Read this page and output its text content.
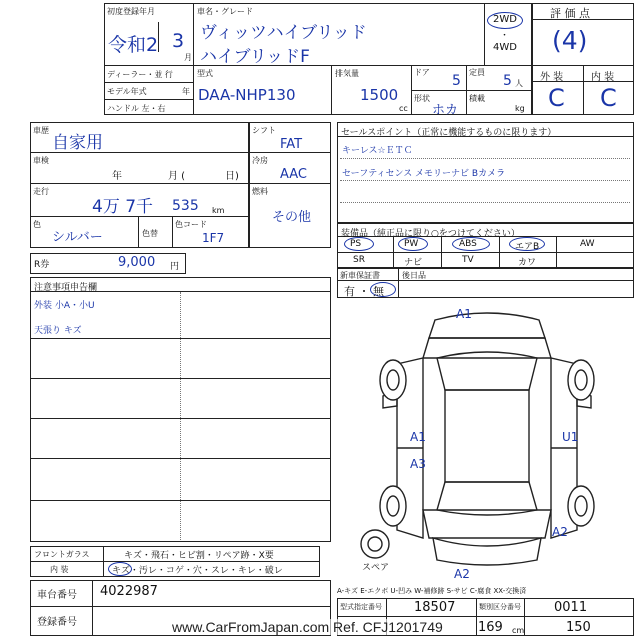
初度登録年月
令和2 3
月
車名・グレード
ヴィッツハイブリッド
ハイブリッドF
2WD
・
4WD
ディーラー・並 行
モデル年式	年
ハンドル 左・右
型式
DAA-NHP130
排気量
1500
cc
ドア
5
定員
5 人
形状
ホカ
積載
kg
評 価 点
(4)
外 装	内 装
C C
車歴
自家用
車検
年	月 (	日)
走行
4万 7千 535 km
色
シルバー	色替
色コード
1F7
シフト
FAT
冷房
AAC
燃料
その他
セールスポイント（正常に機能するものに限ります）
キーレス☆ＥＴＣ
セーフティセンス メモリーナビ Bカメラ
装備品（純正品に限り○をつけてください）
PS	PW	ABS	エアB	AW
SR	ナビ	TV	カワ
新車保証書	後日品
有 ・ 無
R券	9,000 円
注意事項申告欄
外装 小A・小U
天張り キズ
A1
A1	U1
A3
A2
A2
スペア
A-キズ E-エクボ U-凹み W-補修跡 S-サビ C-腐食 XX-交換済
フロントガラス	キズ・飛石・ヒビ割・リペア跡・X要
内 装	キズ・汚レ・コゲ・穴・スレ・キレ・破レ
車台番号 4022987
登録番号
型式指定番号 18507	類別区分番号	0011
169 cm	150
www.CarFromJapan.com Ref. CFJ1201749
